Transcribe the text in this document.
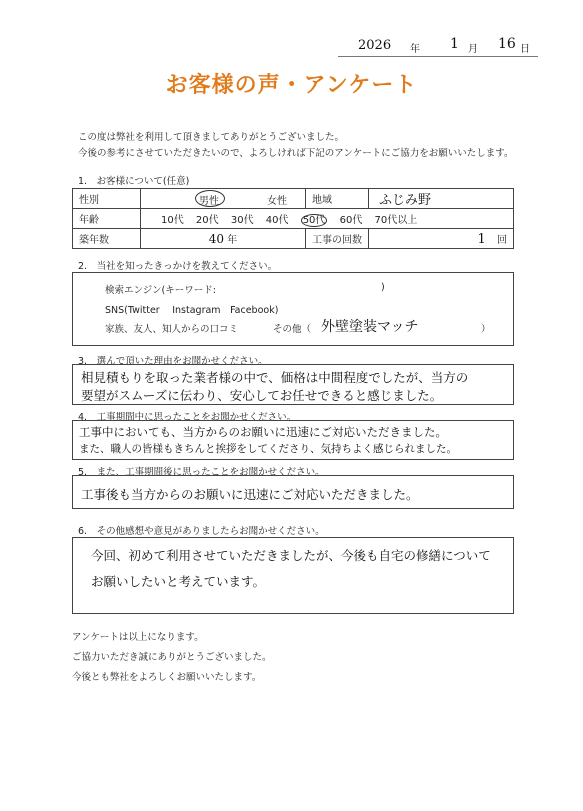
2026 年 1 月 16 日
お客様の声・アンケート
この度は弊社を利用して頂きましてありがとうございました。
今後の参考にさせていただきたいので、よろしければ下記のアンケートにご協力をお願いいたします。
1.　お客様について(任意)
性別	男性 女性	地域	ふじみ野
年齢	10代 20代 30代 40代 50代 60代 70代以上		
築年数	40 年	工事の回数	1 回
2.　当社を知ったきっかけを教えてください。
検索エンジン(キーワード:	)
SNS(Twitter　 Instagram　Facebook)
家族、友人、知人からの口コミ	その他（ 外壁塗装マッチ	）
3.　選んで頂いた理由をお聞かせください。
相見積もりを取った業者様の中で、価格は中間程度でしたが、当方の
要望がスムーズに伝わり、安心してお任せできると感じました。
4.　工事期間中に思ったことをお聞かせください。
工事中においても、当方からのお願いに迅速にご対応いただきました。
また、職人の皆様もきちんと挨拶をしてくださり、気持ちよく感じられました。
5.　また、工事期間後に思ったことをお聞かせください。
工事後も当方からのお願いに迅速にご対応いただきました。
6.　その他感想や意見がありましたらお聞かせください。
今回、初めて利用させていただきましたが、今後も自宅の修繕について
お願いしたいと考えています。
アンケートは以上になります。
ご協力いただき誠にありがとうございました。
今後とも弊社をよろしくお願いいたします。
